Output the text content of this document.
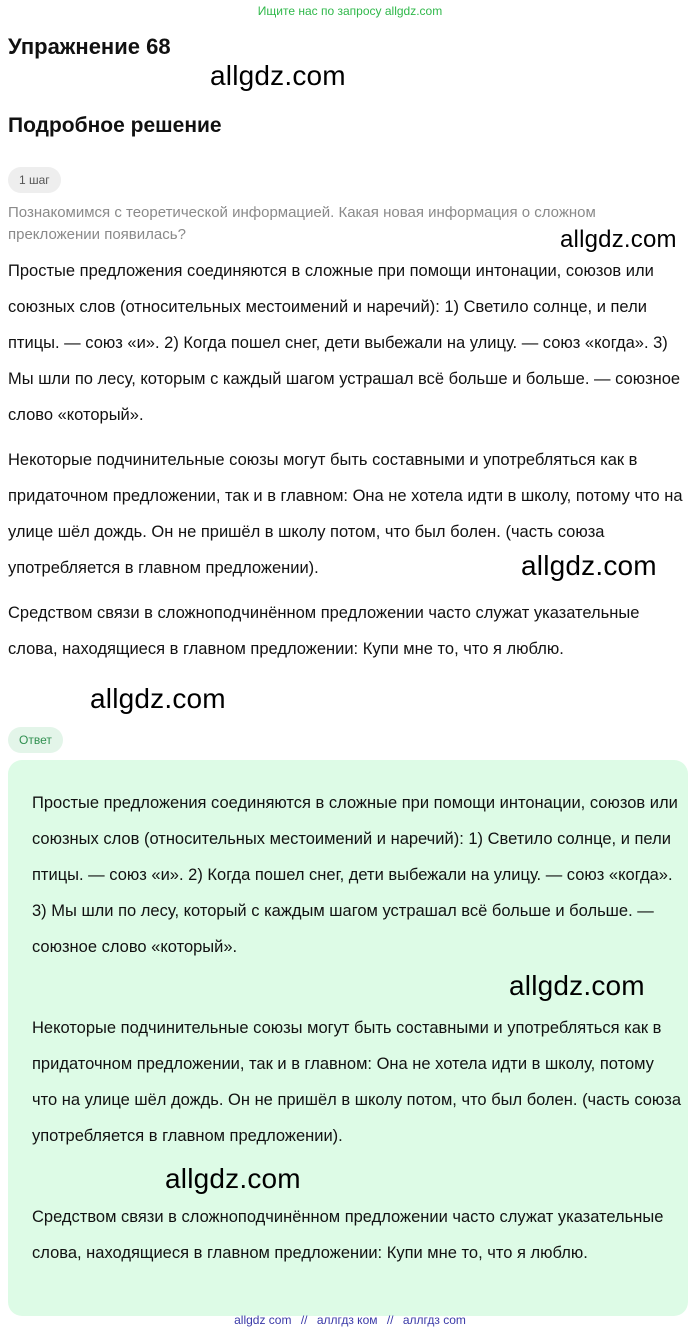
Ищите нас по запросу allgdz.com
Упражнение 68
allgdz.com
Подробное решение
1 шаг

Познакомимся с теоретической информацией. Какая новая информация о сложном прекложении появилась?	allgdz.com

Простые предложения соединяются в сложные при помощи интонации, союзов или союзных слов (относительных местоимений и наречий): 1) Светило солнце, и пели птицы. — союз «и». 2) Когда пошел снег, дети выбежали на улицу. — союз «когда». 3) Мы шли по лесу, которым с каждый шагом устрашал всё больше и больше. — союзное слово «который».

Некоторые подчинительные союзы могут быть составными и употребляться как в придаточном предложении, так и в главном: Она не хотела идти в школу, потому что на улице шёл дождь. Он не пришёл в школу потом, что был болен. (часть союза употребляется в главном предложении).	allgdz.com

Средством связи в сложноподчинённом предложении часто служат указательные слова, находящиеся в главном предложении: Купи мне то, что я люблю.

allgdz.com
Ответ

Простые предложения соединяются в сложные при помощи интонации, союзов или союзных слов (относительных местоимений и наречий): 1) Светило солнце, и пели птицы. — союз «и». 2) Когда пошел снег, дети выбежали на улицу. — союз «когда». 3) Мы шли по лесу, который с каждым шагом устрашал всё больше и больше. — союзное слово «который».

allgdz.com

Некоторые подчинительные союзы могут быть составными и употребляться как в придаточном предложении, так и в главном: Она не хотела идти в школу, потому что на улице шёл дождь. Он не пришёл в школу потом, что был болен. (часть союза употребляется в главном предложении).

allgdz.com

Средством связи в сложноподчинённом предложении часто служат указательные слова, находящиеся в главном предложении: Купи мне то, что я люблю.

allgdz com // аллгдз ком // аллгдз com
